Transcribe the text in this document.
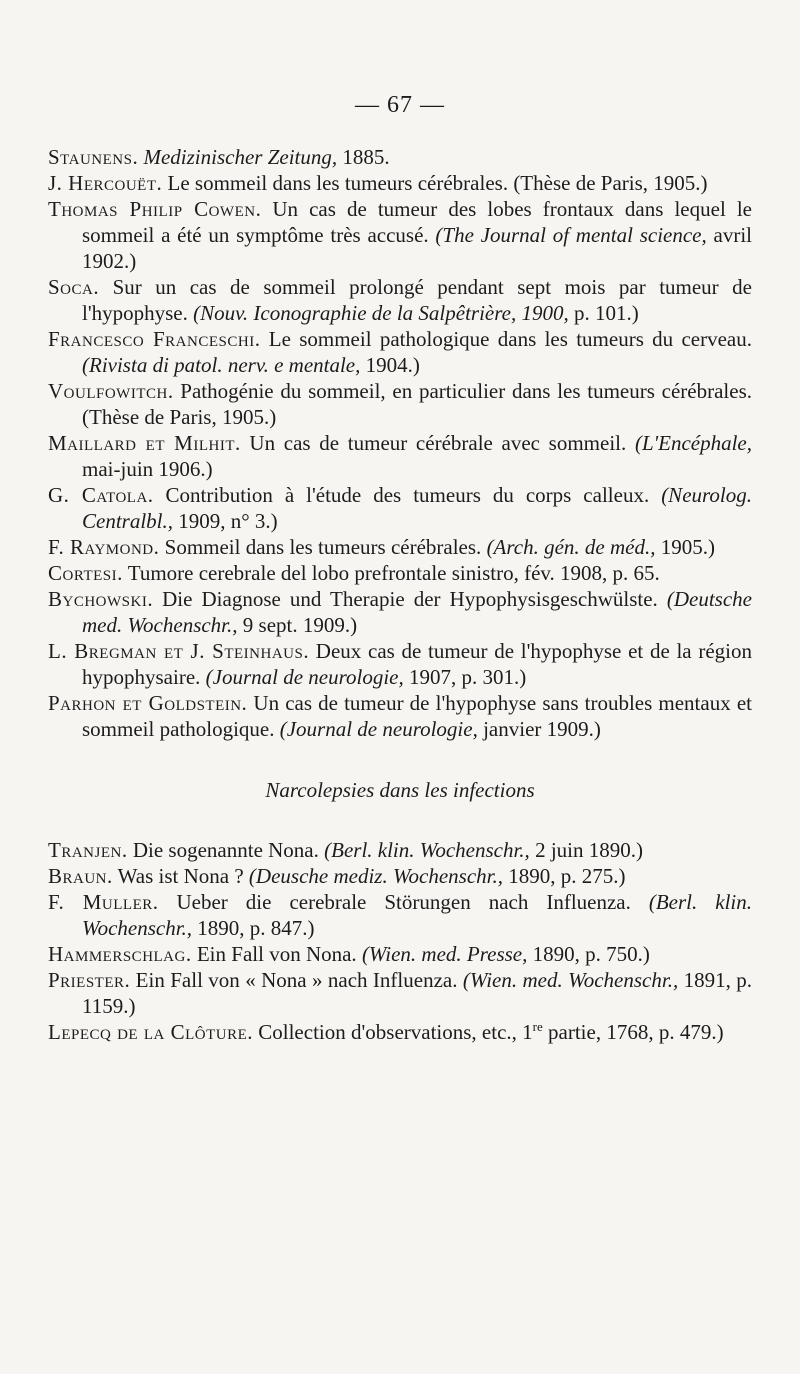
— 67 —

Staunens. Medizinischer Zeitung, 1885.

J. Hercouët. Le sommeil dans les tumeurs cérébrales. (Thèse de Paris, 1905.)

Thomas Philip Cowen. Un cas de tumeur des lobes frontaux dans lequel le sommeil a été un symptôme très accusé. (The Journal of mental science, avril 1902.)

Soca. Sur un cas de sommeil prolongé pendant sept mois par tumeur de l'hypophyse. (Nouv. Iconographie de la Salpêtrière, 1900, p. 101.)

Francesco Franceschi. Le sommeil pathologique dans les tumeurs du cerveau. (Rivista di patol. nerv. e mentale, 1904.)

Voulfowitch. Pathogénie du sommeil, en particulier dans les tumeurs cérébrales. (Thèse de Paris, 1905.)

Maillard et Milhit. Un cas de tumeur cérébrale avec sommeil. (L'Encéphale, mai-juin 1906.)

G. Catola. Contribution à l'étude des tumeurs du corps calleux. (Neurolog. Centralbl., 1909, n° 3.)

F. Raymond. Sommeil dans les tumeurs cérébrales. (Arch. gén. de méd., 1905.)

Cortesi. Tumore cerebrale del lobo prefrontale sinistro, fév. 1908, p. 65.

Bychowski. Die Diagnose und Therapie der Hypophysisgeschwülste. (Deutsche med. Wochenschr., 9 sept. 1909.)

L. Bregman et J. Steinhaus. Deux cas de tumeur de l'hypophyse et de la région hypophysaire. (Journal de neurologie, 1907, p. 301.)

Parhon et Goldstein. Un cas de tumeur de l'hypophyse sans troubles mentaux et sommeil pathologique. (Journal de neurologie, janvier 1909.)

Narcolepsies dans les infections

Tranjen. Die sogenannte Nona. (Berl. klin. Wochenschr., 2 juin 1890.)

Braun. Was ist Nona ? (Deusche mediz. Wochenschr., 1890, p. 275.)

F. Muller. Ueber die cerebrale Störungen nach Influenza. (Berl. klin. Wochenschr., 1890, p. 847.)

Hammerschlag. Ein Fall von Nona. (Wien. med. Presse, 1890, p. 750.)

Priester. Ein Fall von « Nona » nach Influenza. (Wien. med. Wochenschr., 1891, p. 1159.)

Lepecq de la Clôture. Collection d'observations, etc., 1re partie, 1768, p. 479.)
